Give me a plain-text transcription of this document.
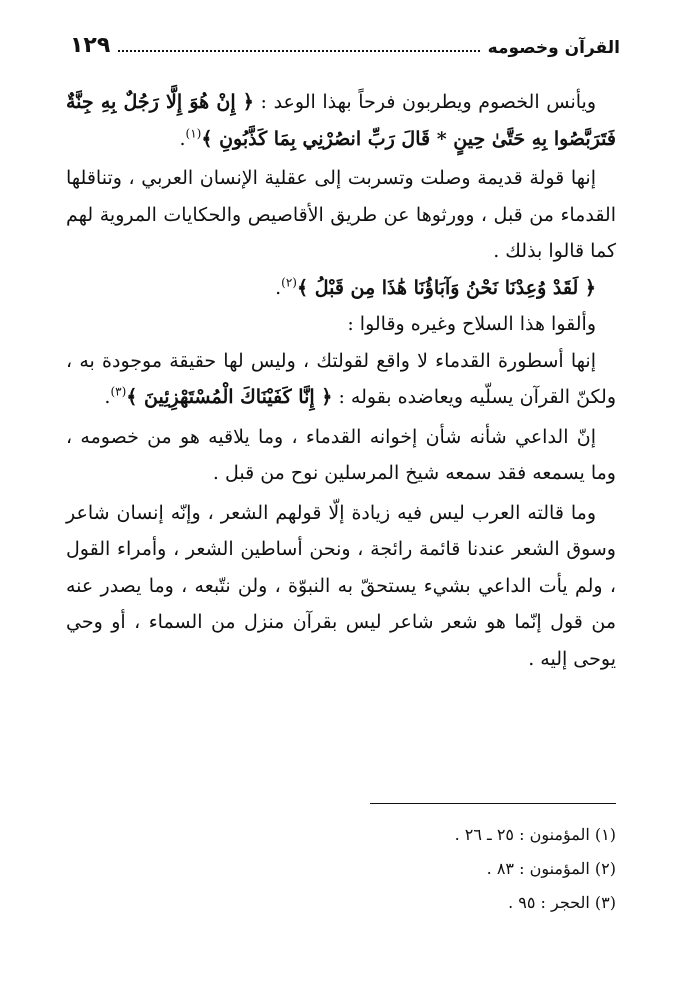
القرآن وخصومه
١٢٩

ويأنس الخصوم ويطربون فرحاً بهذا الوعد : ﴿ إِنْ هُوَ إِلَّا رَجُلٌ بِهِ جِنَّةٌ فَتَرَبَّصُوا بِهِ حَتَّىٰ حِينٍ * قَالَ رَبِّ انصُرْنِي بِمَا كَذَّبُونِ ﴾$^{(١)}$.

إنها قولة قديمة وصلت وتسربت إلى عقلية الإنسان العربي ، وتناقلها القدماء من قبل ، وورثوها عن طريق الأقاصيص والحكايات المروية لهم كما قالوا بذلك .

﴿ لَقَدْ وُعِدْنَا نَحْنُ وَآبَاؤُنَا هَٰذَا مِن قَبْلُ ﴾$^{(٢)}$.

وألقوا هذا السلاح وغيره وقالوا :

إنها أسطورة القدماء لا واقع لقولتك ، وليس لها حقيقة موجودة به ، ولكنّ القرآن يسلّيه ويعاضده بقوله : ﴿ إِنَّا كَفَيْنَاكَ الْمُسْتَهْزِئِينَ ﴾$^{(٣)}$.

إنّ الداعي شأنه شأن إخوانه القدماء ، وما يلاقيه هو من خصومه ، وما يسمعه فقد سمعه شيخ المرسلين نوح من قبل .

وما قالته العرب ليس فيه زيادة إلّا قولهم الشعر ، وإنّه إنسان شاعر وسوق الشعر عندنا قائمة رائجة ، ونحن أساطين الشعر ، وأمراء القول ، ولم يأت الداعي بشيء يستحقّ به النبوّة ، ولن نتّبعه ، وما يصدر عنه من قول إنّما هو شعر شاعر ليس بقرآن منزل من السماء ، أو وحي يوحى إليه .

(١) المؤمنون : ٢٥ ـ ٢٦ .
(٢) المؤمنون : ٨٣ .
(٣) الحجر : ٩٥ .
